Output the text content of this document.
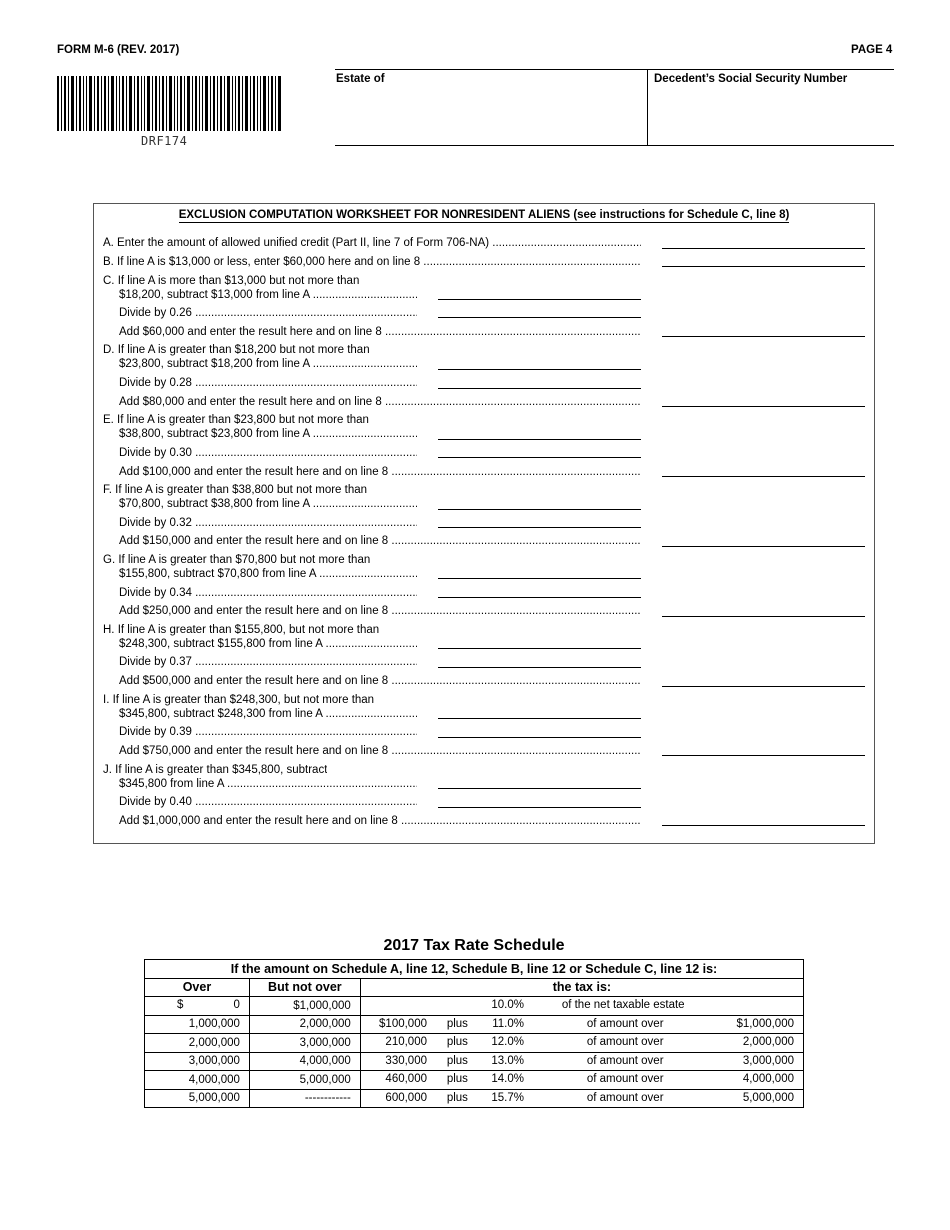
FORM M-6 (REV. 2017)	PAGE 4
DRF174
Estate of	Decedent’s Social Security Number
EXCLUSION COMPUTATION WORKSHEET FOR NONRESIDENT ALIENS (see instructions for Schedule C, line 8)
A. Enter the amount of allowed unified credit (Part II, line 7 of Form 706-NA) .....
B. If line A is $13,000 or less, enter $60,000 here and on line 8 .....
C. If line A is more than $13,000 but not more than
$18,200, subtract $13,000 from line A .....
Divide by 0.26 .....
Add $60,000 and enter the result here and on line 8 .....
D. If line A is greater than $18,200 but not more than
$23,800, subtract $18,200 from line A .....
Divide by 0.28 .....
Add $80,000 and enter the result here and on line 8 .....
E. If line A is greater than $23,800 but not more than
$38,800, subtract $23,800 from line A .....
Divide by 0.30 .....
Add $100,000 and enter the result here and on line 8 .....
F. If line A is greater than $38,800 but not more than
$70,800, subtract $38,800 from line A .....
Divide by 0.32 .....
Add $150,000 and enter the result here and on line 8 .....
G. If line A is greater than $70,800 but not more than
$155,800, subtract $70,800 from line A .....
Divide by 0.34 .....
Add $250,000 and enter the result here and on line 8 .....
H. If line A is greater than $155,800, but not more than
$248,300, subtract $155,800 from line A .....
Divide by 0.37 .....
Add $500,000 and enter the result here and on line 8 .....
I. If line A is greater than $248,300, but not more than
$345,800, subtract $248,300 from line A .....
Divide by 0.39 .....
Add $750,000 and enter the result here and on line 8 .....
J. If line A is greater than $345,800, subtract
$345,800 from line A .....
Divide by 0.40 .....
Add $1,000,000 and enter the result here and on line 8 .....
2017 Tax Rate Schedule
If the amount on Schedule A, line 12, Schedule B, line 12 or Schedule C, line 12 is:		
Over	But not over	the tax is:

$ 0	$1,000,000	10.0% of the net taxable estate

1,000,000	2,000,000	$100,000 plus 11.0% of amount over $1,000,000

2,000,000	3,000,000	210,000 plus 12.0% of amount over 2,000,000

3,000,000	4,000,000	330,000 plus 13.0% of amount over 3,000,000

4,000,000	5,000,000	460,000 plus 14.0% of amount over 4,000,000

5,000,000	------------	600,000 plus 15.7% of amount over 5,000,000
